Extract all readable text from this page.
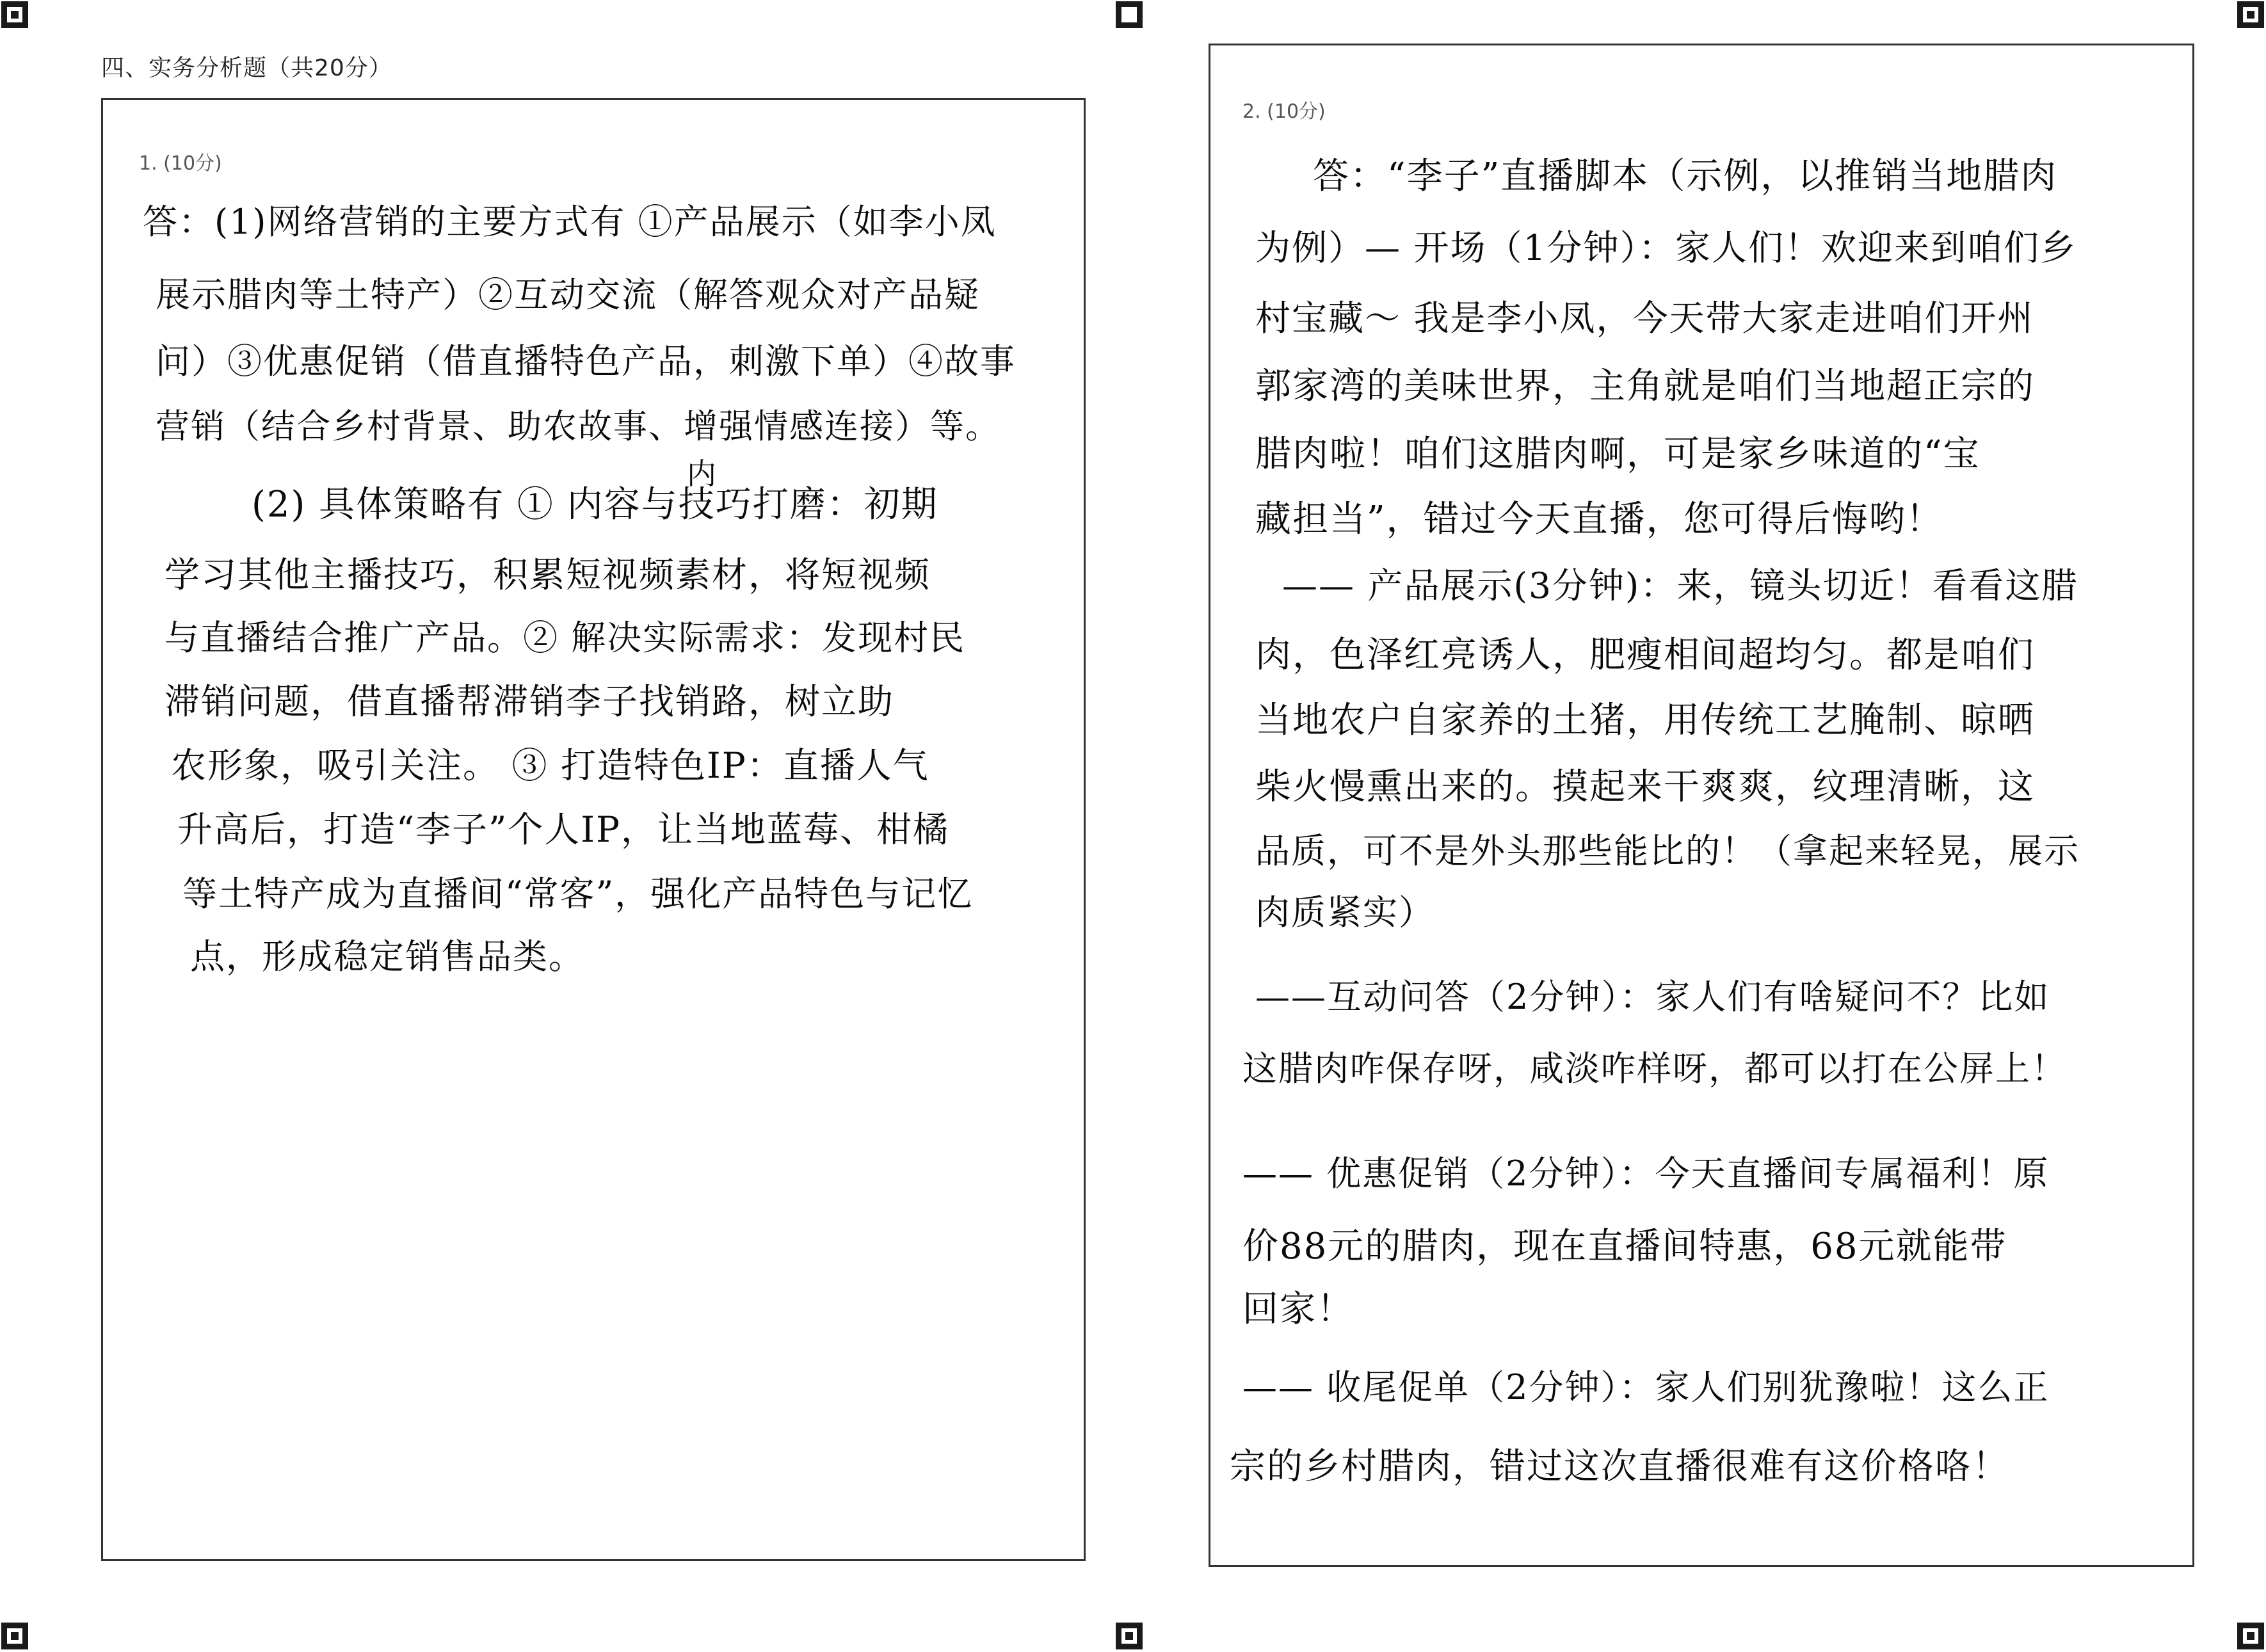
四、实务分析题（共20分）
1. (10分)
答：(1)网络营销的主要方式有 ①产品展示（如李小凤
展示腊肉等土特产）②互动交流（解答观众对产品疑
问）③优惠促销（借直播特色产品，刺激下单）④故事
营销（结合乡村背景、助农故事、增强情感连接）等。
内
(2) 具体策略有 ① 内容与技巧打磨：初期
学习其他主播技巧，积累短视频素材，将短视频
与直播结合推广产品。② 解决实际需求：发现村民
滞销问题，借直播帮滞销李子找销路，树立助
农形象，吸引关注。 ③ 打造特色IP：直播人气
升高后，打造“李子”个人IP，让当地蓝莓、柑橘
等土特产成为直播间“常客”，强化产品特色与记忆
点，形成稳定销售品类。
2. (10分)
答：“李子”直播脚本（示例，以推销当地腊肉
为例）— 开场（1分钟）：家人们！欢迎来到咱们乡
村宝藏～ 我是李小凤，今天带大家走进咱们开州
郭家湾的美味世界，主角就是咱们当地超正宗的
腊肉啦！咱们这腊肉啊，可是家乡味道的“宝
藏担当”，错过今天直播，您可得后悔哟！
—— 产品展示(3分钟)：来，镜头切近！看看这腊
肉，色泽红亮诱人，肥瘦相间超均匀。都是咱们
当地农户自家养的土猪，用传统工艺腌制、晾晒
柴火慢熏出来的。摸起来干爽爽，纹理清晰，这
品质，可不是外头那些能比的！（拿起来轻晃，展示
肉质紧实）
——互动问答（2分钟）：家人们有啥疑问不？比如
这腊肉咋保存呀，咸淡咋样呀，都可以打在公屏上！
—— 优惠促销（2分钟）：今天直播间专属福利！原
价88元的腊肉，现在直播间特惠，68元就能带
回家！
—— 收尾促单（2分钟）：家人们别犹豫啦！这么正
宗的乡村腊肉，错过这次直播很难有这价格咯！
